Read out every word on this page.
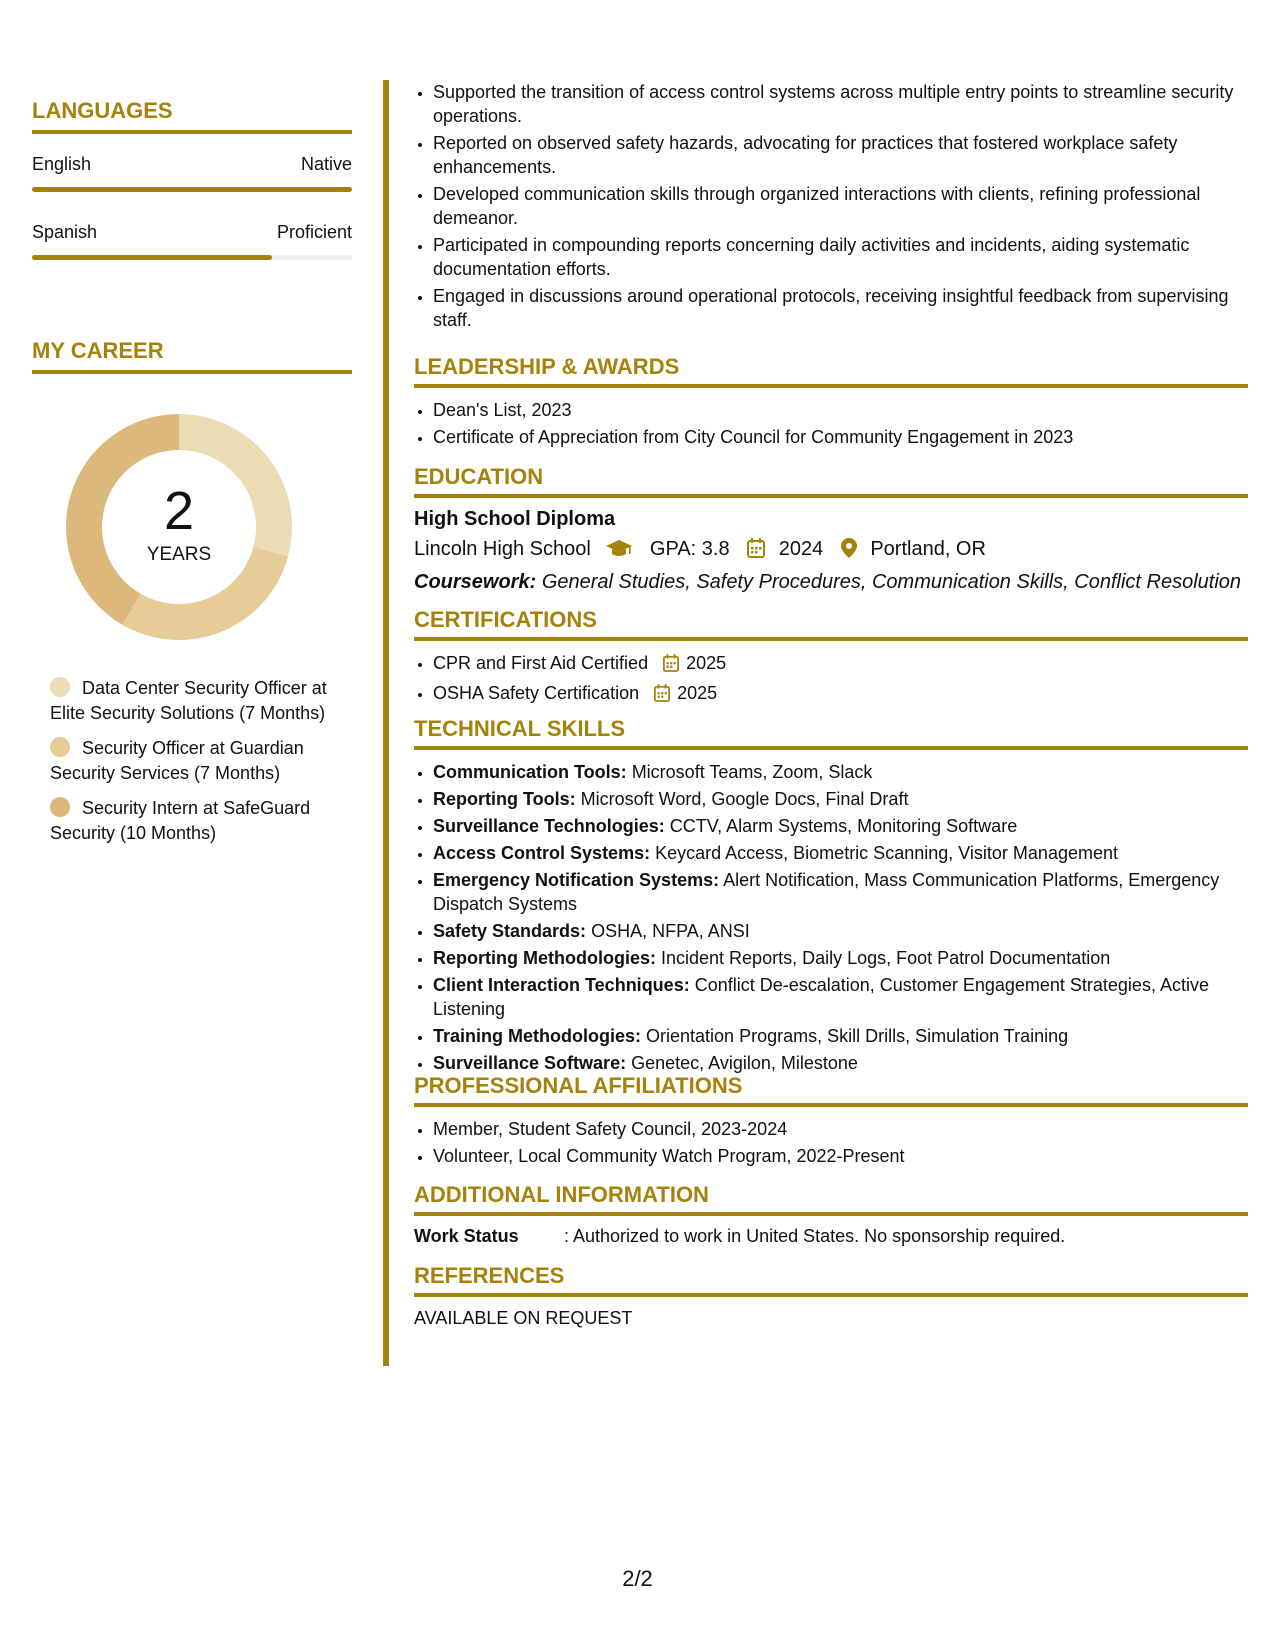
LANGUAGES
English	Native
Spanish	Proficient
MY CAREER
2
YEARS
Data Center Security Officer at Elite Security Solutions (7 Months)
Security Officer at Guardian Security Services (7 Months)
Security Intern at SafeGuard Security (10 Months)
• Supported the transition of access control systems across multiple entry points to streamline security operations.
• Reported on observed safety hazards, advocating for practices that fostered workplace safety enhancements.
• Developed communication skills through organized interactions with clients, refining professional demeanor.
• Participated in compounding reports concerning daily activities and incidents, aiding systematic documentation efforts.
• Engaged in discussions around operational protocols, receiving insightful feedback from supervising staff.
LEADERSHIP & AWARDS
• Dean's List, 2023
• Certificate of Appreciation from City Council for Community Engagement in 2023
EDUCATION
High School Diploma
Lincoln High School	GPA: 3.8 2024 Portland, OR
Coursework: General Studies, Safety Procedures, Communication Skills, Conflict Resolution
CERTIFICATIONS
• CPR and First Aid Certified 2025
• OSHA Safety Certification 2025
TECHNICAL SKILLS
• Communication Tools: Microsoft Teams, Zoom, Slack
• Reporting Tools: Microsoft Word, Google Docs, Final Draft
• Surveillance Technologies: CCTV, Alarm Systems, Monitoring Software
• Access Control Systems: Keycard Access, Biometric Scanning, Visitor Management
• Emergency Notification Systems: Alert Notification, Mass Communication Platforms, Emergency Dispatch Systems
• Safety Standards: OSHA, NFPA, ANSI
• Reporting Methodologies: Incident Reports, Daily Logs, Foot Patrol Documentation
• Client Interaction Techniques: Conflict De-escalation, Customer Engagement Strategies, Active Listening
• Training Methodologies: Orientation Programs, Skill Drills, Simulation Training
• Surveillance Software: Genetec, Avigilon, Milestone
PROFESSIONAL AFFILIATIONS
• Member, Student Safety Council, 2023-2024
• Volunteer, Local Community Watch Program, 2022-Present
ADDITIONAL INFORMATION
Work Status	: Authorized to work in United States. No sponsorship required.
REFERENCES
AVAILABLE ON REQUEST
2/2
